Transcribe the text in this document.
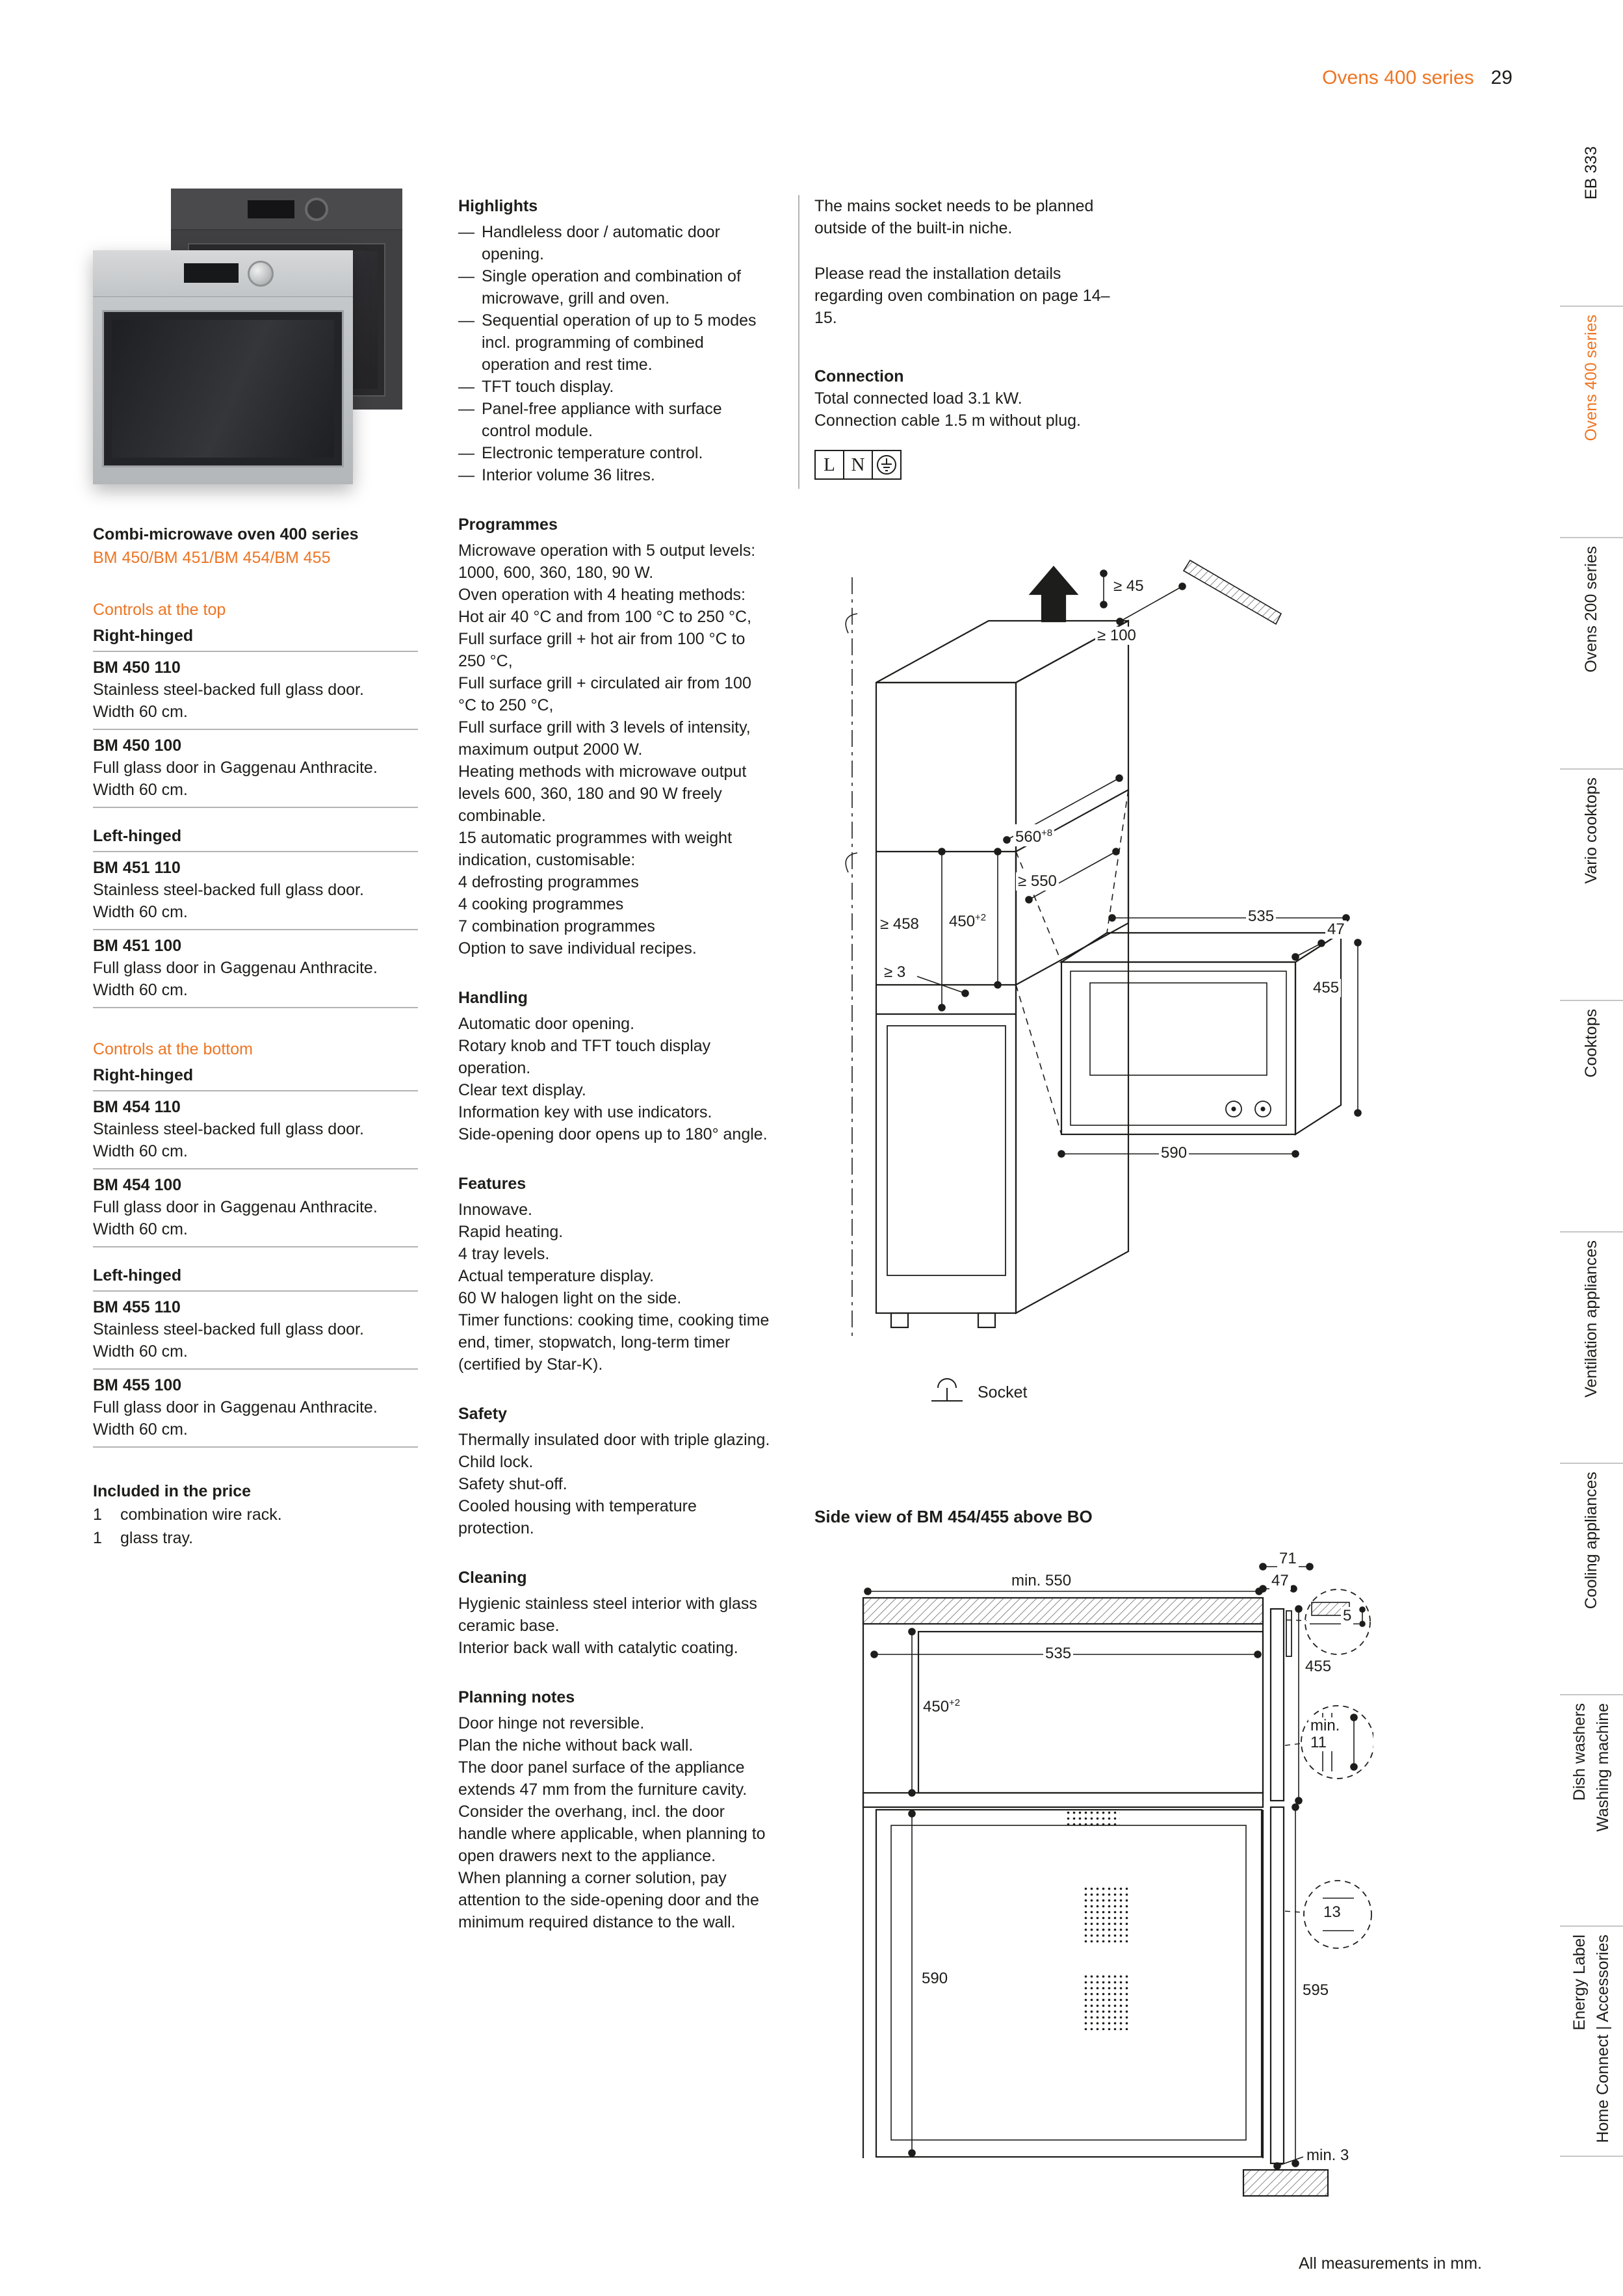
Ovens 400 series 29
Combi-microwave oven 400 series
BM 450/BM 451/BM 454/BM 455
Controls at the top
Right-hinged
BM 450 110
Stainless steel-backed full glass door.
Width 60 cm.
BM 450 100
Full glass door in Gaggenau Anthracite.
Width 60 cm.
Left-hinged
BM 451 110
Stainless steel-backed full glass door.
Width 60 cm.
BM 451 100
Full glass door in Gaggenau Anthracite.
Width 60 cm.
Controls at the bottom
Right-hinged
BM 454 110
Stainless steel-backed full glass door.
Width 60 cm.
BM 454 100
Full glass door in Gaggenau Anthracite.
Width 60 cm.
Left-hinged
BM 455 110
Stainless steel-backed full glass door.
Width 60 cm.
BM 455 100
Full glass door in Gaggenau Anthracite.
Width 60 cm.
Included in the price
1	combination wire rack.
1	glass tray.
Highlights
— Handleless door / automatic door opening.
— Single operation and combination of microwave, grill and oven.
— Sequential operation of up to 5 modes incl. programming of combined operation and rest time.
— TFT touch display.
— Panel-free appliance with surface control module.
— Electronic temperature control.
— Interior volume 36 litres.
Programmes
Microwave operation with 5 output levels: 1000, 600, 360, 180, 90 W.
Oven operation with 4 heating methods:
Hot air 40 °C and from 100 °C to 250 °C,
Full surface grill + hot air from 100 °C to 250 °C,
Full surface grill + circulated air from 100 °C to 250 °C,
Full surface grill with 3 levels of intensity, maximum output 2000 W.
Heating methods with microwave output levels 600, 360, 180 and 90 W freely combinable.
15 automatic programmes with weight indication, customisable:
4 defrosting programmes
4 cooking programmes
7 combination programmes
Option to save individual recipes.
Handling
Automatic door opening.
Rotary knob and TFT touch display operation.
Clear text display.
Information key with use indicators.
Side-opening door opens up to 180° angle.
Features
Innowave.
Rapid heating.
4 tray levels.
Actual temperature display.
60 W halogen light on the side.
Timer functions: cooking time, cooking time end, timer, stopwatch, long-term timer (certified by Star-K).
Safety
Thermally insulated door with triple glazing.
Child lock.
Safety shut-off.
Cooled housing with temperature protection.
Cleaning
Hygienic stainless steel interior with glass ceramic base.
Interior back wall with catalytic coating.
Planning notes
Door hinge not reversible.
Plan the niche without back wall.
The door panel surface of the appliance extends 47 mm from the furniture cavity.
Consider the overhang, incl. the door handle where applicable, when planning to open drawers next to the appliance.
When planning a corner solution, pay attention to the side-opening door and the minimum required distance to the wall.
The mains socket needs to be planned outside of the built-in niche.
Please read the installation details regarding oven combination on page 14–15.
Connection
Total connected load 3.1 kW.
Connection cable 1.5 m without plug.
L N
≥ 45
≥ 100
$560^{+8}$
≥ 550
535
$450^{+2}$
≥ 458	47
≥ 3
455
590
Socket
Side view of BM 454/455 above BO
71
47
min. 550
5
535
$450^{+2}$
455
min.
11
590
595
13
min. 3
All measurements in mm.
EB 333
Ovens 400 series
Ovens 200 series
Vario cooktops
Cooktops
Ventilation appliances
Cooling appliances
Dish washers Washing machine
Energy Label Home Connect | Accessories
